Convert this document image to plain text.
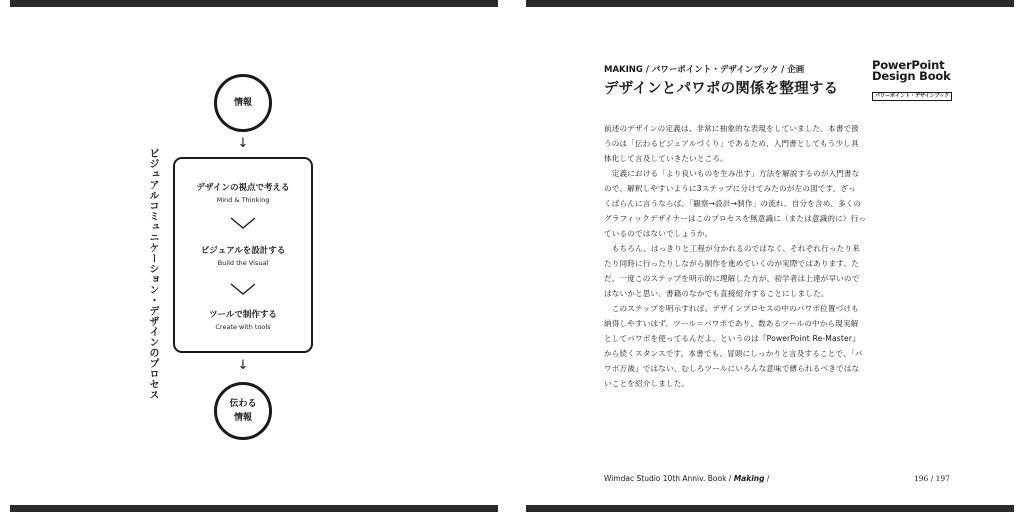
ビジュアルコミュニケーション・デザインのプロセス
情報
↓
デザインの視点で考える
Mind & Thinking
ビジュアルを設計する
Build the Visual
ツールで制作する
Create with tools
↓
伝わる
情報
MAKING / パワーポイント・デザインブック / 企画
デザインとパワポの関係を整理する
PowerPoint
Design Book
パワーポイント・デザインブック

前述のデザインの定義は、非常に抽象的な表現をしていました。本書で扱

うのは「伝わるビジュアルづくり」であるため、入門書としてもう少し具

体化して言及していきたいところ。

　定義における「より良いものを生み出す」方法を解説するのが入門書な

ので、解釈しやすいように3ステップに分けてみたのが左の図です。ざっ

くばらんに言うならば、「観察→設計→制作」の流れ。自分を含め、多くの

グラフィックデザイナーはこのプロセスを無意識に（または意識的に）行っ

ているのではないでしょうか。

　もちろん、はっきりと工程が分かれるのではなく、それぞれ行ったり来

たり同時に行ったりしながら制作を進めていくのが実際ではあります。た

だ、一度このステップを明示的に理解した方が、初学者は上達が早いので

はないかと思い、書籍のなかでも直接紹介することにしました。

　このステップを明示すれば、デザインプロセスの中のパワポ位置づけも

納得しやすいはず。ツール＝パワポであり、数あるツールの中から現実解

としてパワポを使ってるんだよ、というのは『PowerPoint Re-Master』

から続くスタンスです。本書でも、冒頭にしっかりと言及することで、「パ

ワポ万歳」ではない、むしろツールにいろんな意味で縛られるべきではな

いことを紹介しました。

Wimdac Studio 10th Anniv. Book / Making /	196 / 197
